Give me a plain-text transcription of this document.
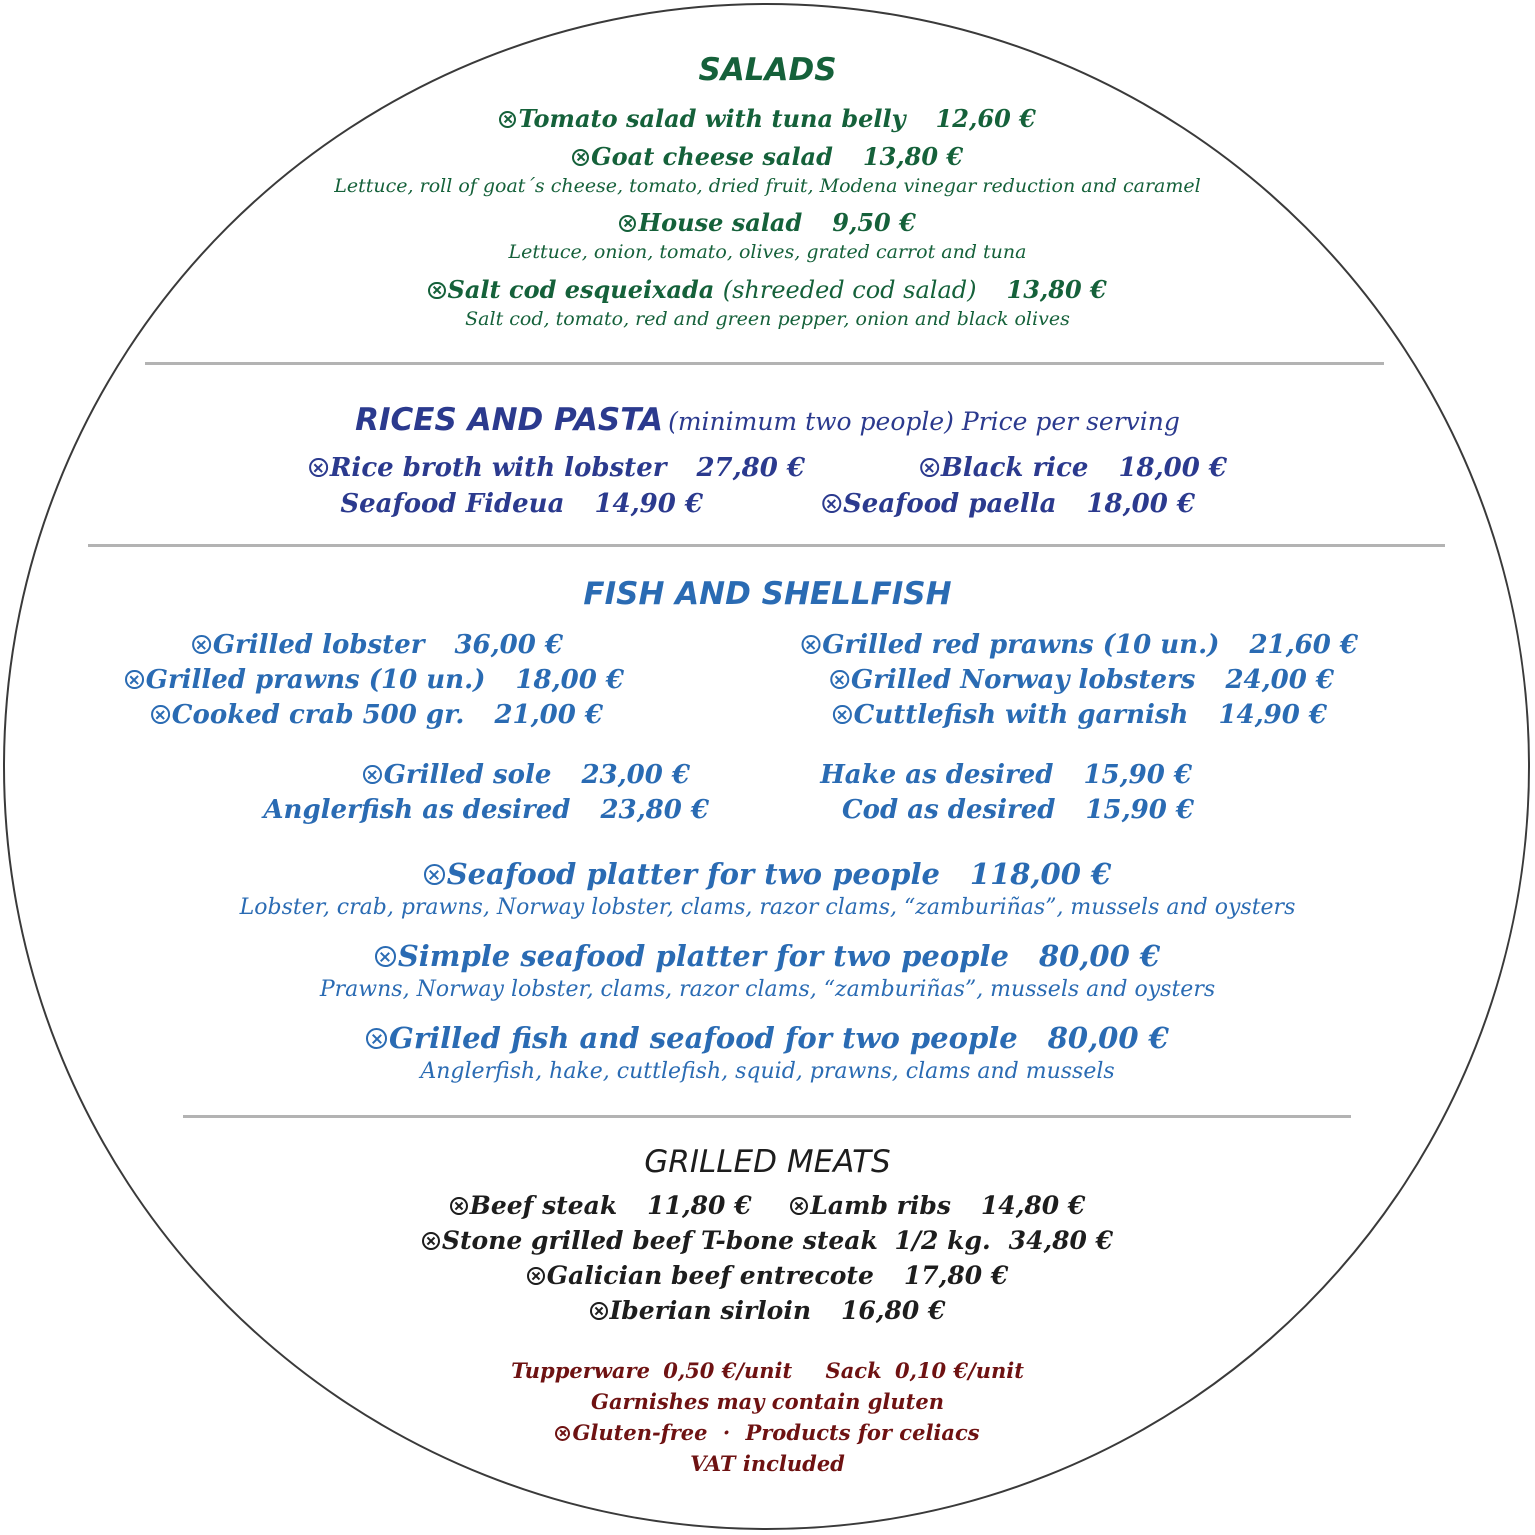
SALADS
Tomato salad with tuna belly 12,60 €
Goat cheese salad 13,80 €
Lettuce, roll of goat´s cheese, tomato, dried fruit, Modena vinegar reduction and caramel
House salad 9,50 €
Lettuce, onion, tomato, olives, grated carrot and tuna
Salt cod esqueixada (shreeded cod salad) 13,80 €
Salt cod, tomato, red and green pepper, onion and black olives
RICES AND PASTA (minimum two people) Price per serving
Rice broth with lobster 27,80 €	Black rice 18,00 €
Seafood Fideua 14,90 €	Seafood paella 18,00 €
FISH AND SHELLFISH
Grilled lobster 36,00 €
Grilled prawns (10 un.) 18,00 €
Cooked crab 500 gr. 21,00 €
Grilled red prawns (10 un.) 21,60 €
Grilled Norway lobsters 24,00 €
Cuttlefish with garnish 14,90 €
Grilled sole 23,00 €
Anglerfish as desired 23,80 €
Hake as desired 15,90 €
Cod as desired 15,90 €
Seafood platter for two people 118,00 €
Lobster, crab, prawns, Norway lobster, clams, razor clams, “zamburiñas”, mussels and oysters
Simple seafood platter for two people 80,00 €
Prawns, Norway lobster, clams, razor clams, “zamburiñas”, mussels and oysters
Grilled fish and seafood for two people 80,00 €
Anglerfish, hake, cuttlefish, squid, prawns, clams and mussels
GRILLED MEATS
Beef steak 11,80 € Lamb ribs 14,80 €
Stone grilled beef T-bone steak 1/2 kg. 34,80 €
Galician beef entrecote 17,80 €
Iberian sirloin 16,80 €
Tupperware 0,50 €/unit Sack 0,10 €/unit
Garnishes may contain gluten
Gluten-free · Products for celiacs
VAT included
